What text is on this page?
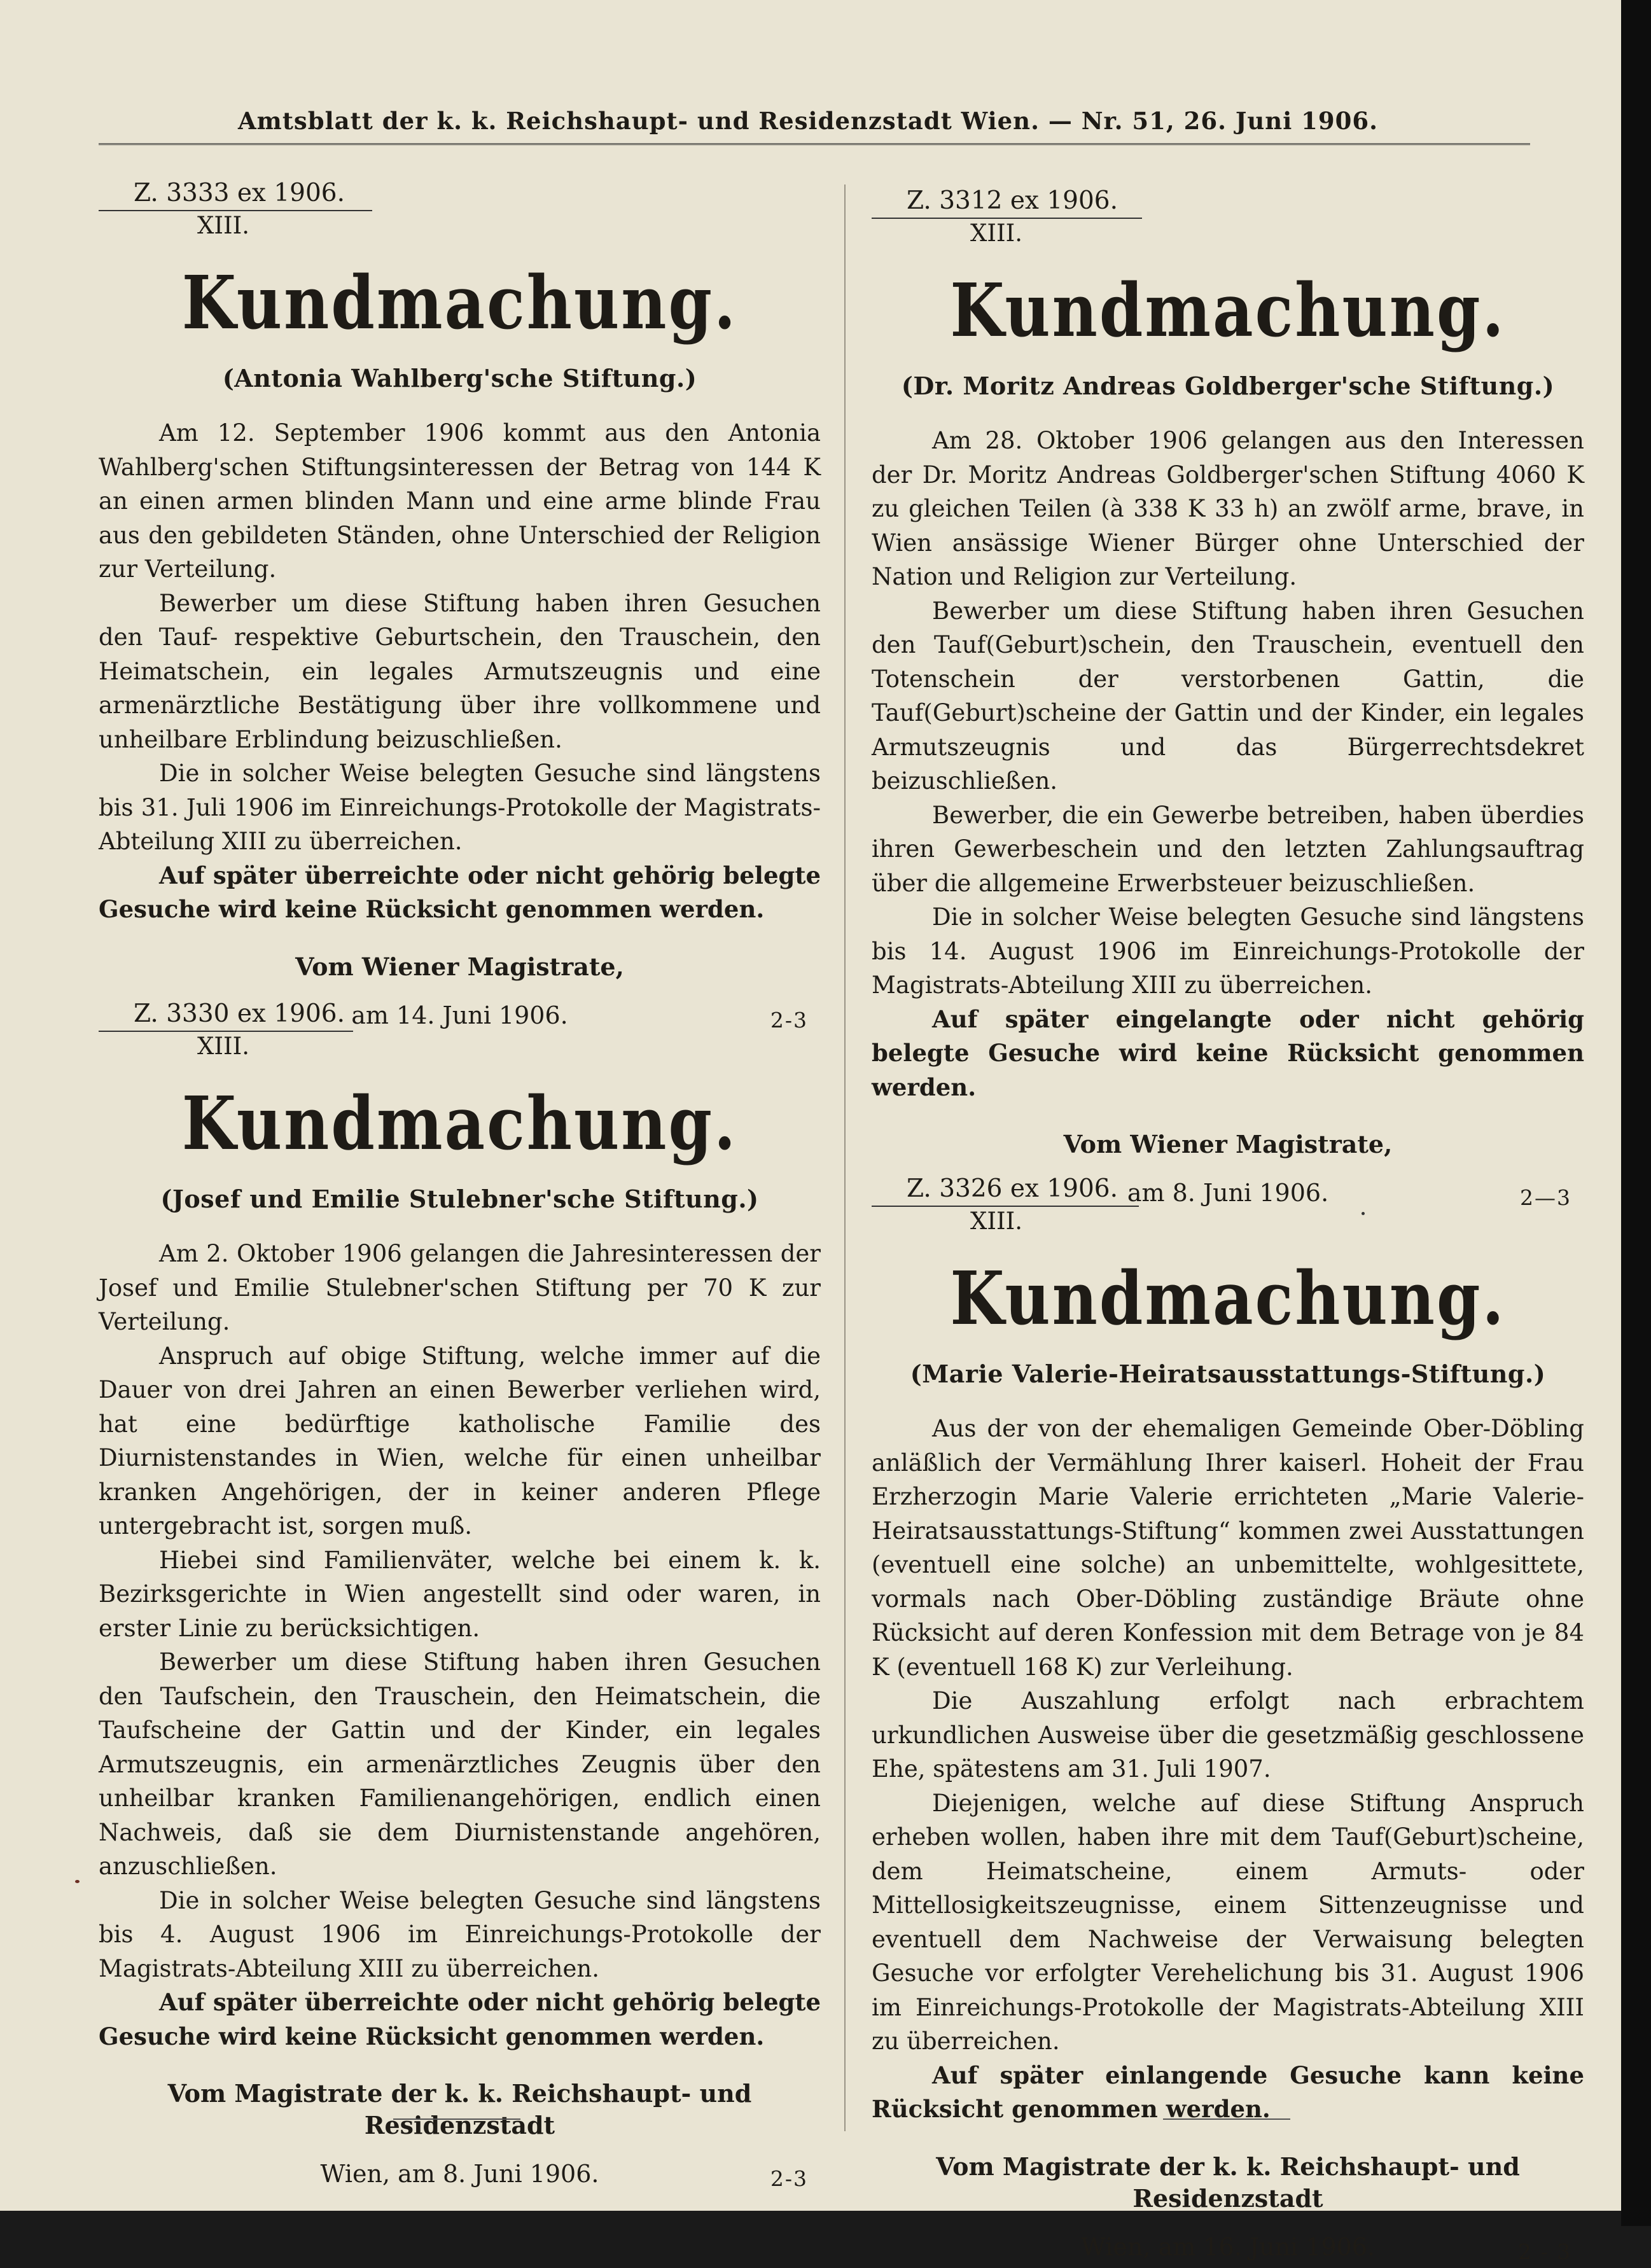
Amtsblatt der k. k. Reichshaupt- und Residenzstadt Wien. — Nr. 51, 26. Juni 1906.
Z. 3333 ex 1906.
XIII.
Kundmachung.
(Antonia Wahlberg'sche Stiftung.)

Am 12. September 1906 kommt aus den Antonia Wahlberg'schen Stiftungsinteressen der Betrag von 144 K an einen armen blinden Mann und eine arme blinde Frau aus den gebildeten Ständen, ohne Unterschied der Religion zur Verteilung.

Bewerber um diese Stiftung haben ihren Gesuchen den Tauf- respektive Geburtschein, den Trauschein, den Heimatschein, ein legales Armutszeugnis und eine armenärztliche Bestätigung über ihre vollkommene und unheilbare Erblindung beizuschließen.

Die in solcher Weise belegten Gesuche sind längstens bis 31. Juli 1906 im Einreichungs-Protokolle der Magistrats-Abteilung XIII zu überreichen.

Auf später überreichte oder nicht gehörig belegte Gesuche wird keine Rücksicht genommen werden.

Vom Wiener Magistrate,
am 14. Juni 1906.	2-3
Z. 3330 ex 1906.
XIII.
Kundmachung.
(Josef und Emilie Stulebner'sche Stiftung.)

Am 2. Oktober 1906 gelangen die Jahresinteressen der Josef und Emilie Stulebner'schen Stiftung per 70 K zur Verteilung.

Anspruch auf obige Stiftung, welche immer auf die Dauer von drei Jahren an einen Bewerber verliehen wird, hat eine bedürftige katholische Familie des Diurnistenstandes in Wien, welche für einen unheilbar kranken Angehörigen, der in keiner anderen Pflege untergebracht ist, sorgen muß.

Hiebei sind Familienväter, welche bei einem k. k. Bezirksgerichte in Wien angestellt sind oder waren, in erster Linie zu berücksichtigen.

Bewerber um diese Stiftung haben ihren Gesuchen den Taufschein, den Trauschein, den Heimatschein, die Taufscheine der Gattin und der Kinder, ein legales Armutszeugnis, ein armenärztliches Zeugnis über den unheilbar kranken Familienangehörigen, endlich einen Nachweis, daß sie dem Diurnistenstande angehören, anzuschließen.

Die in solcher Weise belegten Gesuche sind längstens bis 4. August 1906 im Einreichungs-Protokolle der Magistrats-Abteilung XIII zu überreichen.

Auf später überreichte oder nicht gehörig belegte Gesuche wird keine Rücksicht genommen werden.

Vom Magistrate der k. k. Reichshaupt- und Residenzstadt
Wien, am 8. Juni 1906.	2-3
Z. 3312 ex 1906.
XIII.
Kundmachung.
(Dr. Moritz Andreas Goldberger'sche Stiftung.)

Am 28. Oktober 1906 gelangen aus den Interessen der Dr. Moritz Andreas Goldberger'schen Stiftung 4060 K zu gleichen Teilen (à 338 K 33 h) an zwölf arme, brave, in Wien ansässige Wiener Bürger ohne Unterschied der Nation und Religion zur Verteilung.

Bewerber um diese Stiftung haben ihren Gesuchen den Tauf(Geburt)schein, den Trauschein, eventuell den Totenschein der verstorbenen Gattin, die Tauf(Geburt)scheine der Gattin und der Kinder, ein legales Armutszeugnis und das Bürgerrechtsdekret beizuschließen.

Bewerber, die ein Gewerbe betreiben, haben überdies ihren Gewerbeschein und den letzten Zahlungsauftrag über die allgemeine Erwerbsteuer beizuschließen.

Die in solcher Weise belegten Gesuche sind längstens bis 14. August 1906 im Einreichungs-Protokolle der Magistrats-Abteilung XIII zu überreichen.

Auf später eingelangte oder nicht gehörig belegte Gesuche wird keine Rücksicht genommen werden.

Vom Wiener Magistrate,
am 8. Juni 1906.	2—3
Z. 3326 ex 1906.
XIII.
Kundmachung.
(Marie Valerie-Heiratsausstattungs-Stiftung.)

Aus der von der ehemaligen Gemeinde Ober-Döbling anläßlich der Vermählung Ihrer kaiserl. Hoheit der Frau Erzherzogin Marie Valerie errichteten „Marie Valerie-Heiratsausstattungs-Stiftung“ kommen zwei Ausstattungen (eventuell eine solche) an unbemittelte, wohlgesittete, vormals nach Ober-Döbling zuständige Bräute ohne Rücksicht auf deren Konfession mit dem Betrage von je 84 K (eventuell 168 K) zur Verleihung.

Die Auszahlung erfolgt nach erbrachtem urkundlichen Ausweise über die gesetzmäßig geschlossene Ehe, spätestens am 31. Juli 1907.

Diejenigen, welche auf diese Stiftung Anspruch erheben wollen, haben ihre mit dem Tauf(Geburt)scheine, dem Heimatscheine, einem Armuts- oder Mittellosigkeitszeugnisse, einem Sittenzeugnisse und eventuell dem Nachweise der Verwaisung belegten Gesuche vor erfolgter Verehelichung bis 31. August 1906 im Einreichungs-Protokolle der Magistrats-Abteilung XIII zu überreichen.

Auf später einlangende Gesuche kann keine Rücksicht genommen werden.

Vom Magistrate der k. k. Reichshaupt- und Residenzstadt
Wien, am 16. Juni 1906.	2 - 3
